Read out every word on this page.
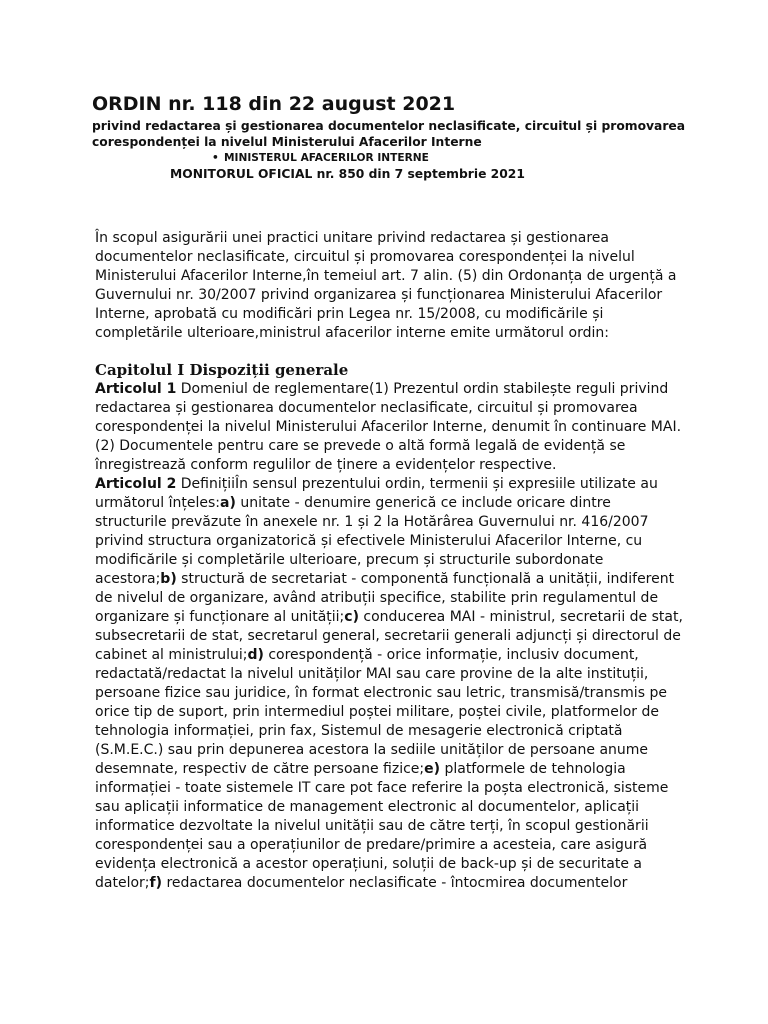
ORDIN nr. 118 din 22 august 2021

privind redactarea și gestionarea documentelor neclasificate, circuitul și promovarea corespondenței la nivelul Ministerului Afacerilor Interne

• MINISTERUL AFACERILOR INTERNE

MONITORUL OFICIAL nr. 850 din 7 septembrie 2021

În scopul asigurării unei practici unitare privind redactarea și gestionarea documentelor neclasificate, circuitul și promovarea corespondenței la nivelul Ministerului Afacerilor Interne,în temeiul art. 7 alin. (5) din Ordonanța de urgență a Guvernului nr. 30/2007 privind organizarea și funcționarea Ministerului Afacerilor Interne, aprobată cu modificări prin Legea nr. 15/2008, cu modificările și completările ulterioare,ministrul afacerilor interne emite următorul ordin:

Capitolul I Dispoziții generale

Articolul 1 Domeniul de reglementare(1) Prezentul ordin stabilește reguli privind redactarea și gestionarea documentelor neclasificate, circuitul și promovarea corespondenței la nivelul Ministerului Afacerilor Interne, denumit în continuare MAI.(2) Documentele pentru care se prevede o altă formă legală de evidență se înregistrează conform regulilor de ținere a evidențelor respective.

Articolul 2 DefinițiiÎn sensul prezentului ordin, termenii și expresiile utilizate au următorul înțeles:a) unitate - denumire generică ce include oricare dintre structurile prevăzute în anexele nr. 1 și 2 la Hotărârea Guvernului nr. 416/2007 privind structura organizatorică și efectivele Ministerului Afacerilor Interne, cu modificările și completările ulterioare, precum și structurile subordonate acestora;b) structură de secretariat - componentă funcțională a unității, indiferent de nivelul de organizare, având atribuții specifice, stabilite prin regulamentul de organizare și funcționare al unității;c) conducerea MAI - ministrul, secretarii de stat, subsecretarii de stat, secretarul general, secretarii generali adjuncți și directorul de cabinet al ministrului;d) corespondență - orice informație, inclusiv document, redactată/redactat la nivelul unităților MAI sau care provine de la alte instituții, persoane fizice sau juridice, în format electronic sau letric, transmisă/transmis pe orice tip de suport, prin intermediul poștei militare, poștei civile, platformelor de tehnologia informației, prin fax, Sistemul de mesagerie electronică criptată (S.M.E.C.) sau prin depunerea acestora la sediile unităților de persoane anume desemnate, respectiv de către persoane fizice;e) platformele de tehnologia informației - toate sistemele IT care pot face referire la poșta electronică, sisteme sau aplicații informatice de management electronic al documentelor, aplicații informatice dezvoltate la nivelul unității sau de către terți, în scopul gestionării corespondenței sau a operațiunilor de predare/primire a acesteia, care asigură evidența electronică a acestor operațiuni, soluții de back-up și de securitate a datelor;f) redactarea documentelor neclasificate - întocmirea documentelor
